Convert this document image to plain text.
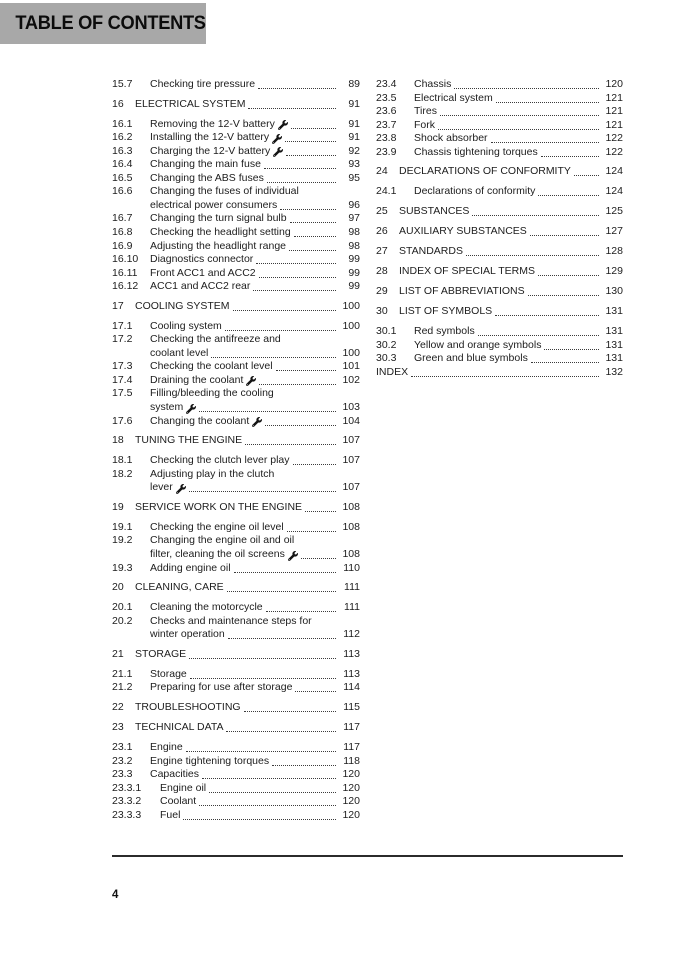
TABLE OF CONTENTS
15.7	Checking tire pressure	89
16	ELECTRICAL SYSTEM	91
16.1	Removing the 12-V battery	91
16.2	Installing the 12-V battery	91
16.3	Charging the 12-V battery	92
16.4	Changing the main fuse	93
16.5	Changing the ABS fuses	95
16.6	Changing the fuses of individual
electrical power consumers	96
16.7	Changing the turn signal bulb	97
16.8	Checking the headlight setting	98
16.9	Adjusting the headlight range	98
16.10	Diagnostics connector	99
16.11	Front ACC1 and ACC2	99
16.12	ACC1 and ACC2 rear	99
17	COOLING SYSTEM	100
17.1	Cooling system	100
17.2	Checking the antifreeze and
coolant level	100
17.3	Checking the coolant level	101
17.4	Draining the coolant	102
17.5	Filling/bleeding the cooling
system	103
17.6	Changing the coolant	104
18	TUNING THE ENGINE	107
18.1	Checking the clutch lever play	107
18.2	Adjusting play in the clutch
lever	107
19	SERVICE WORK ON THE ENGINE	108
19.1	Checking the engine oil level	108
19.2	Changing the engine oil and oil
filter, cleaning the oil screens	108
19.3	Adding engine oil	110
20	CLEANING, CARE	111
20.1	Cleaning the motorcycle	111
20.2	Checks and maintenance steps for
winter operation	112
21	STORAGE	113
21.1	Storage	113
21.2	Preparing for use after storage	114
22	TROUBLESHOOTING	115
23	TECHNICAL DATA	117
23.1	Engine	117
23.2	Engine tightening torques	118
23.3	Capacities	120
23.3.1	Engine oil	120
23.3.2	Coolant	120
23.3.3	Fuel	120
23.4	Chassis	120
23.5	Electrical system	121
23.6	Tires	121
23.7	Fork	121
23.8	Shock absorber	122
23.9	Chassis tightening torques	122
24	DECLARATIONS OF CONFORMITY	124
24.1	Declarations of conformity	124
25	SUBSTANCES	125
26	AUXILIARY SUBSTANCES	127
27	STANDARDS	128
28	INDEX OF SPECIAL TERMS	129
29	LIST OF ABBREVIATIONS	130
30	LIST OF SYMBOLS	131
30.1	Red symbols	131
30.2	Yellow and orange symbols	131
30.3	Green and blue symbols	131
INDEX	132
4
